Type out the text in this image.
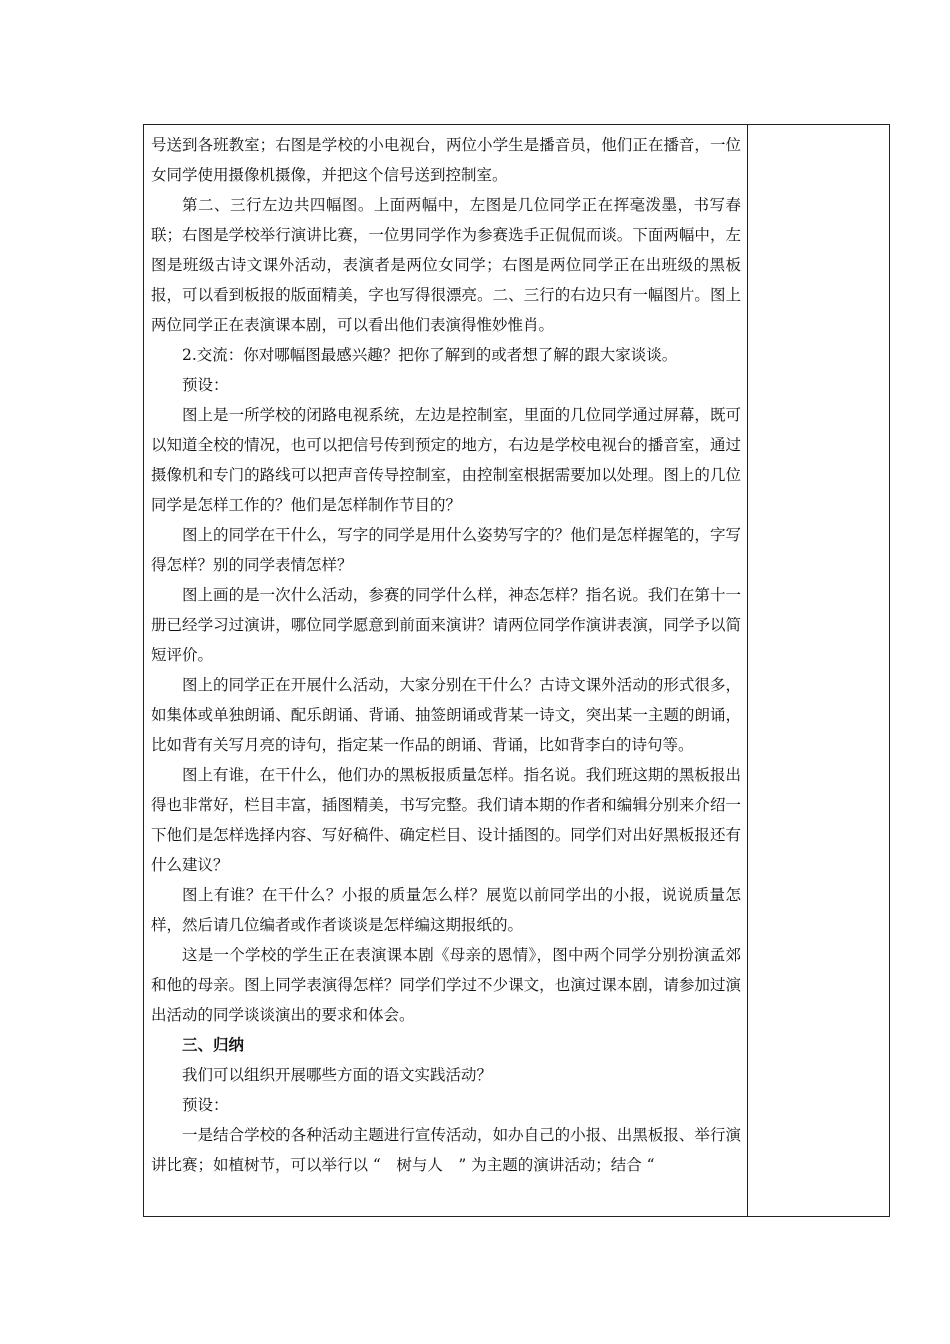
号送到各班教室；右图是学校的小电视台，两位小学生是播音员，他们正在播音，一位女同学使用摄像机摄像，并把这个信号送到控制室。

第二、三行左边共四幅图。上面两幅中，左图是几位同学正在挥毫泼墨，书写春联；右图是学校举行演讲比赛，一位男同学作为参赛选手正侃侃而谈。下面两幅中，左图是班级古诗文课外活动，表演者是两位女同学；右图是两位同学正在出班级的黑板报，可以看到板报的版面精美，字也写得很漂亮。二、三行的右边只有一幅图片。图上两位同学正在表演课本剧，可以看出他们表演得惟妙惟肖。

2.交流：你对哪幅图最感兴趣？把你了解到的或者想了解的跟大家谈谈。

预设：

图上是一所学校的闭路电视系统，左边是控制室，里面的几位同学通过屏幕，既可以知道全校的情况，也可以把信号传到预定的地方，右边是学校电视台的播音室，通过摄像机和专门的路线可以把声音传导控制室，由控制室根据需要加以处理。图上的几位同学是怎样工作的？他们是怎样制作节目的？

图上的同学在干什么，写字的同学是用什么姿势写字的？他们是怎样握笔的，字写得怎样？别的同学表情怎样？

图上画的是一次什么活动，参赛的同学什么样，神态怎样？指名说。我们在第十一册已经学习过演讲，哪位同学愿意到前面来演讲？请两位同学作演讲表演，同学予以简短评价。

图上的同学正在开展什么活动，大家分别在干什么？古诗文课外活动的形式很多，如集体或单独朗诵、配乐朗诵、背诵、抽签朗诵或背某一诗文，突出某一主题的朗诵，比如背有关写月亮的诗句，指定某一作品的朗诵、背诵，比如背李白的诗句等。

图上有谁，在干什么，他们办的黑板报质量怎样。指名说。我们班这期的黑板报出得也非常好，栏目丰富，插图精美，书写完整。我们请本期的作者和编辑分别来介绍一下他们是怎样选择内容、写好稿件、确定栏目、设计插图的。同学们对出好黑板报还有什么建议？

图上有谁？在干什么？小报的质量怎么样？展览以前同学出的小报，说说质量怎样，然后请几位编者或作者谈谈是怎样编这期报纸的。

这是一个学校的学生正在表演课本剧《母亲的恩情》，图中两个同学分别扮演孟郊和他的母亲。图上同学表演得怎样？同学们学过不少课文，也演过课本剧，请参加过演出活动的同学谈谈演出的要求和体会。

三、归纳

我们可以组织开展哪些方面的语文实践活动？

预设：

一是结合学校的各种活动主题进行宣传活动，如办自己的小报、出黑板报、举行演讲比赛；如植树节，可以举行以 “　树与人　” 为主题的演讲活动；结合 “
